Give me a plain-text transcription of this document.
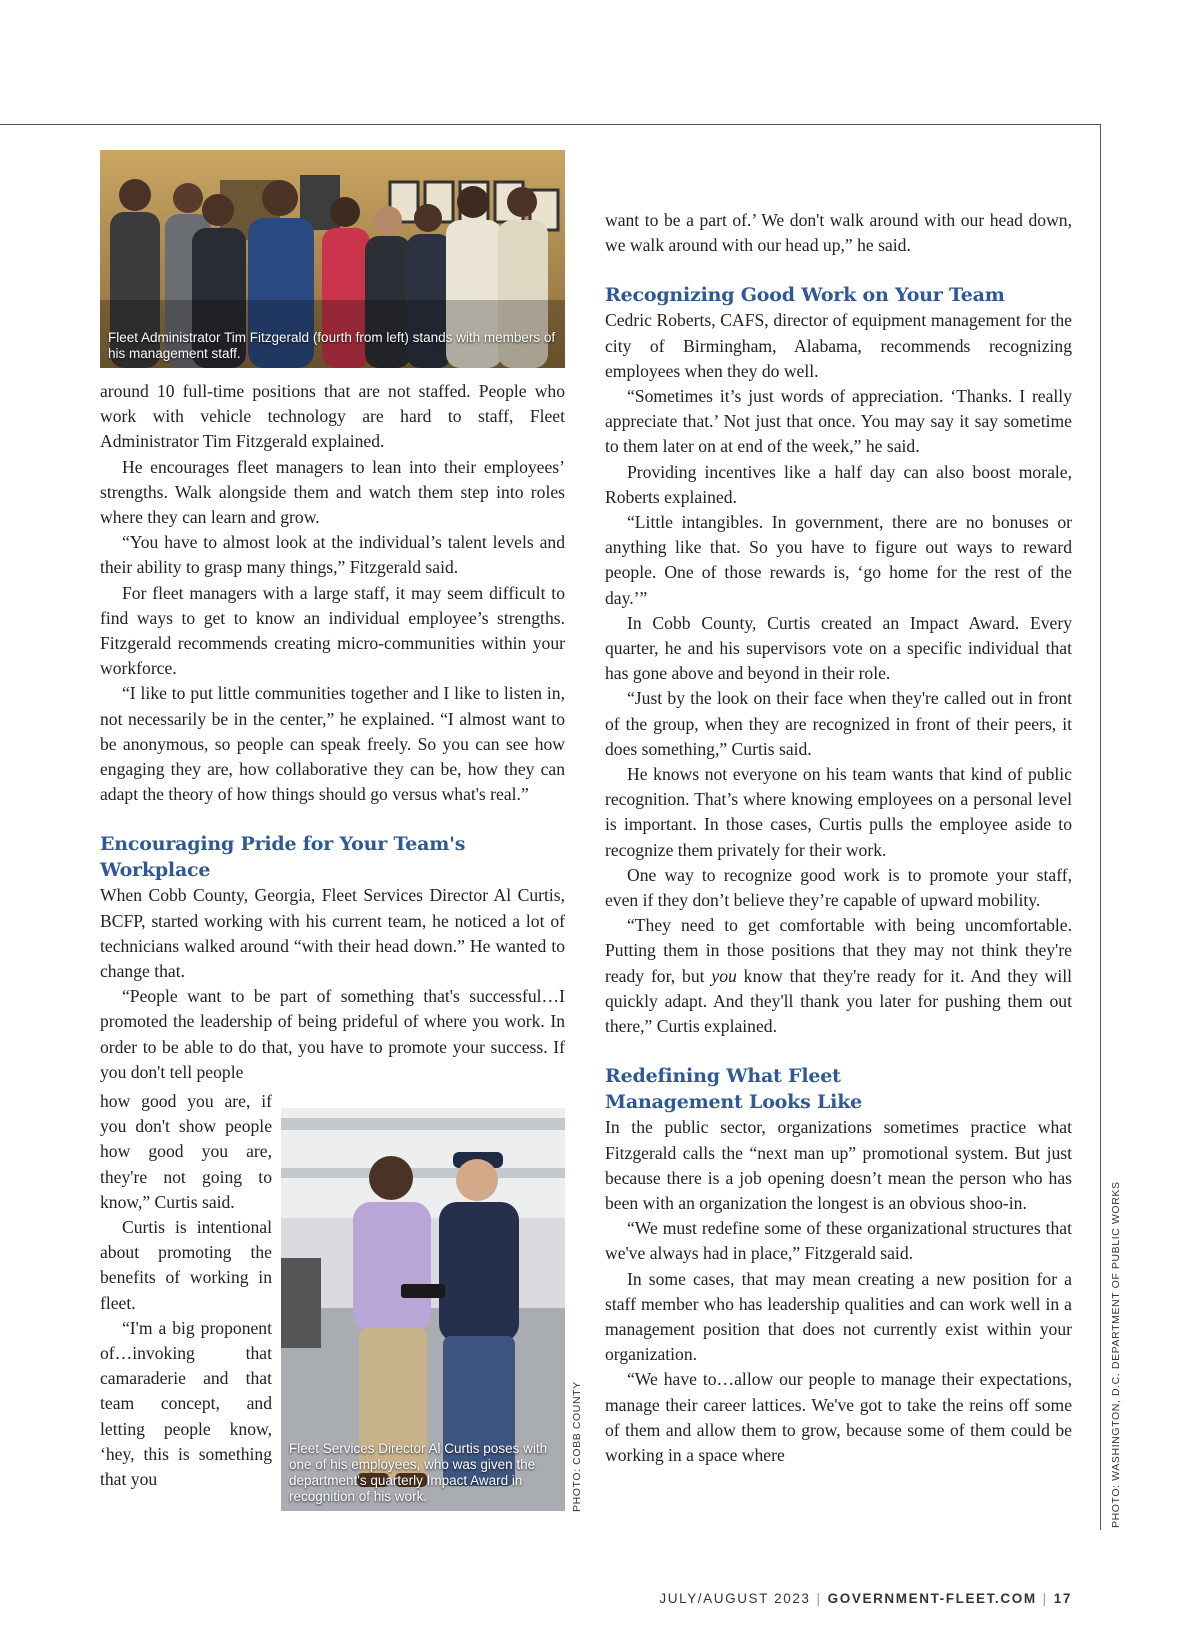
Fleet Administrator Tim Fitzgerald (fourth from left) stands with members of his management staff.

around 10 full-time positions that are not staffed. People who work with vehicle technology are hard to staff, Fleet Administrator Tim Fitzgerald explained.

He encourages fleet managers to lean into their employees’ strengths. Walk alongside them and watch them step into roles where they can learn and grow.

“You have to almost look at the individual’s talent levels and their ability to grasp many things,” Fitzgerald said.

For fleet managers with a large staff, it may seem difficult to find ways to get to know an individual employee’s strengths. Fitzgerald recommends creating micro-communities within your workforce.

“I like to put little communities together and I like to listen in, not necessarily be in the center,” he explained. “I almost want to be anonymous, so people can speak freely. So you can see how engaging they are, how collaborative they can be, how they can adapt the theory of how things should go versus what's real.”

Encouraging Pride for Your Team's Workplace

When Cobb County, Georgia, Fleet Services Director Al Curtis, BCFP, started working with his current team, he noticed a lot of technicians walked around “with their head down.” He wanted to change that.

“People want to be part of something that's successful…I promoted the leadership of being prideful of where you work. In order to be able to do that, you have to promote your success. If you don't tell people

how good you are, if you don't show people how good you are, they're not going to know,” Curtis said.

Curtis is intentional about promoting the benefits of working in fleet.

“I'm a big proponent of…invoking that camaraderie and that team concept, and letting people know, ‘hey, this is something that you

Fleet Services Director Al Curtis poses with one of his employees, who was given the department's quarterly Impact Award in recognition of his work.	PHOTO: COBB COUNTY

want to be a part of.’ We don't walk around with our head down, we walk around with our head up,” he said.

Recognizing Good Work on Your Team

Cedric Roberts, CAFS, director of equipment management for the city of Birmingham, Alabama, recommends recognizing employees when they do well.

“Sometimes it’s just words of appreciation. ‘Thanks. I really appreciate that.’ Not just that once. You may say it say sometime to them later on at end of the week,” he said.

Providing incentives like a half day can also boost morale, Roberts explained.

“Little intangibles. In government, there are no bonuses or anything like that. So you have to figure out ways to reward people. One of those rewards is, ‘go home for the rest of the day.’”

In Cobb County, Curtis created an Impact Award. Every quarter, he and his supervisors vote on a specific individual that has gone above and beyond in their role.

“Just by the look on their face when they're called out in front of the group, when they are recognized in front of their peers, it does something,” Curtis said.

He knows not everyone on his team wants that kind of public recognition. That’s where knowing employees on a personal level is important. In those cases, Curtis pulls the employee aside to recognize them privately for their work.

One way to recognize good work is to promote your staff, even if they don’t believe they’re capable of upward mobility.

“They need to get comfortable with being uncomfortable. Putting them in those positions that they may not think they're ready for, but you know that they're ready for it. And they will quickly adapt. And they'll thank you later for pushing them out there,” Curtis explained.

Redefining What Fleet
Management Looks Like

In the public sector, organizations sometimes practice what Fitzgerald calls the “next man up” promotional system. But just because there is a job opening doesn’t mean the person who has been with an organization the longest is an obvious shoo-in.

“We must redefine some of these organizational structures that we've always had in place,” Fitzgerald said.

In some cases, that may mean creating a new position for a staff member who has leadership qualities and can work well in a management position that does not currently exist within your organization.

“We have to…allow our people to manage their expectations, manage their career lattices. We've got to take the reins off some of them and allow them to grow, because some of them could be working in a space where	PHOTO: WASHINGTON, D.C. DEPARTMENT OF PUBLIC WORKS
JULY/AUGUST 2023 | GOVERNMENT-FLEET.COM | 17
